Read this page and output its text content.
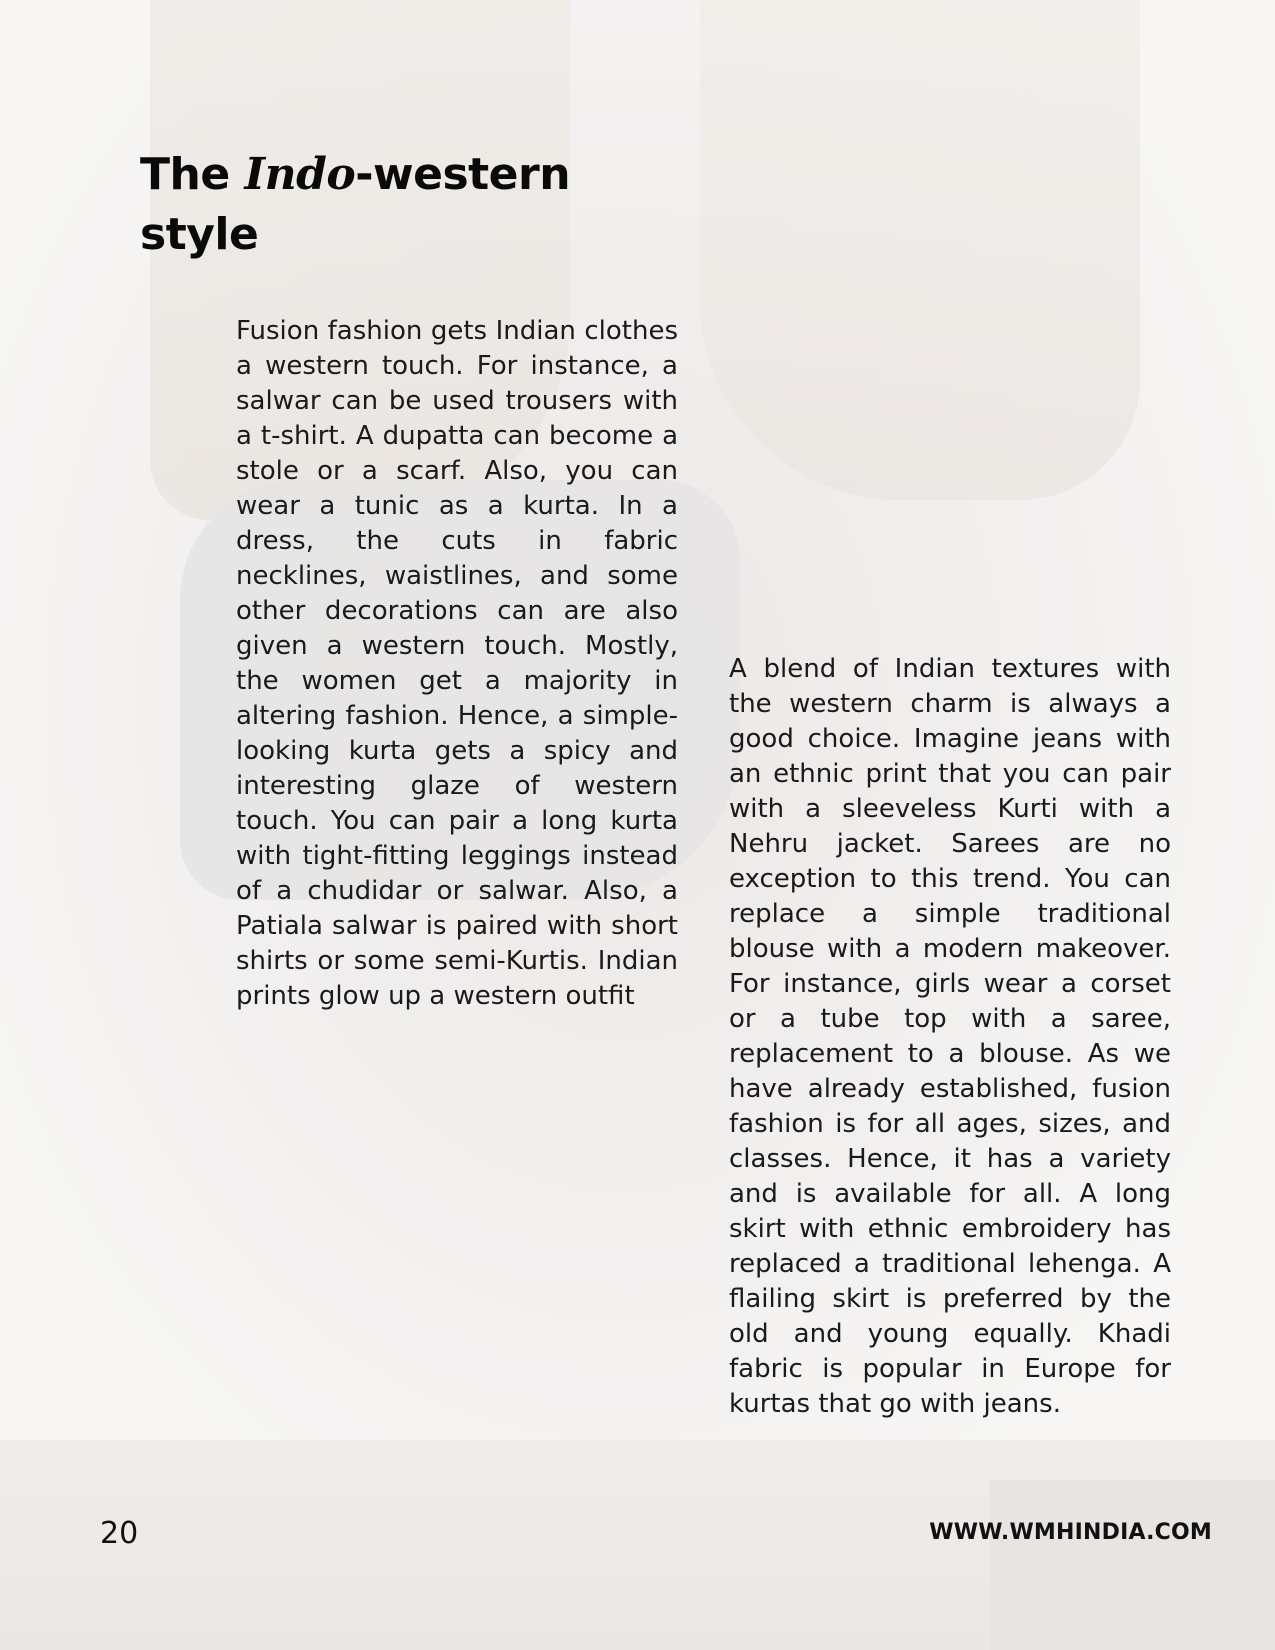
The Indo-western
style

Fusion fashion gets Indian clothes a western touch. For instance, a salwar can be used trousers with a t-shirt. A dupatta can become a stole or a scarf. Also, you can wear a tunic as a kurta. In a dress, the cuts in fabric necklines, waistlines, and some other decorations can are also given a western touch. Mostly, the women get a majority in altering fashion. Hence, a simple-looking kurta gets a spicy and interesting glaze of western touch. You can pair a long kurta with tight-fitting leggings instead of a chudidar or salwar. Also, a Patiala salwar is paired with short shirts or some semi-Kurtis. Indian prints glow up a western outfit

A blend of Indian textures with the western charm is always a good choice. Imagine jeans with an ethnic print that you can pair with a sleeveless Kurti with a Nehru jacket. Sarees are no exception to this trend. You can replace a simple traditional blouse with a modern makeover. For instance, girls wear a corset or a tube top with a saree, replacement to a blouse. As we have already established, fusion fashion is for all ages, sizes, and classes. Hence, it has a variety and is available for all. A long skirt with ethnic embroidery has replaced a traditional lehenga. A flailing skirt is preferred by the old and young equally. Khadi fabric is popular in Europe for kurtas that go with jeans.

20	WWW.WMHINDIA.COM
